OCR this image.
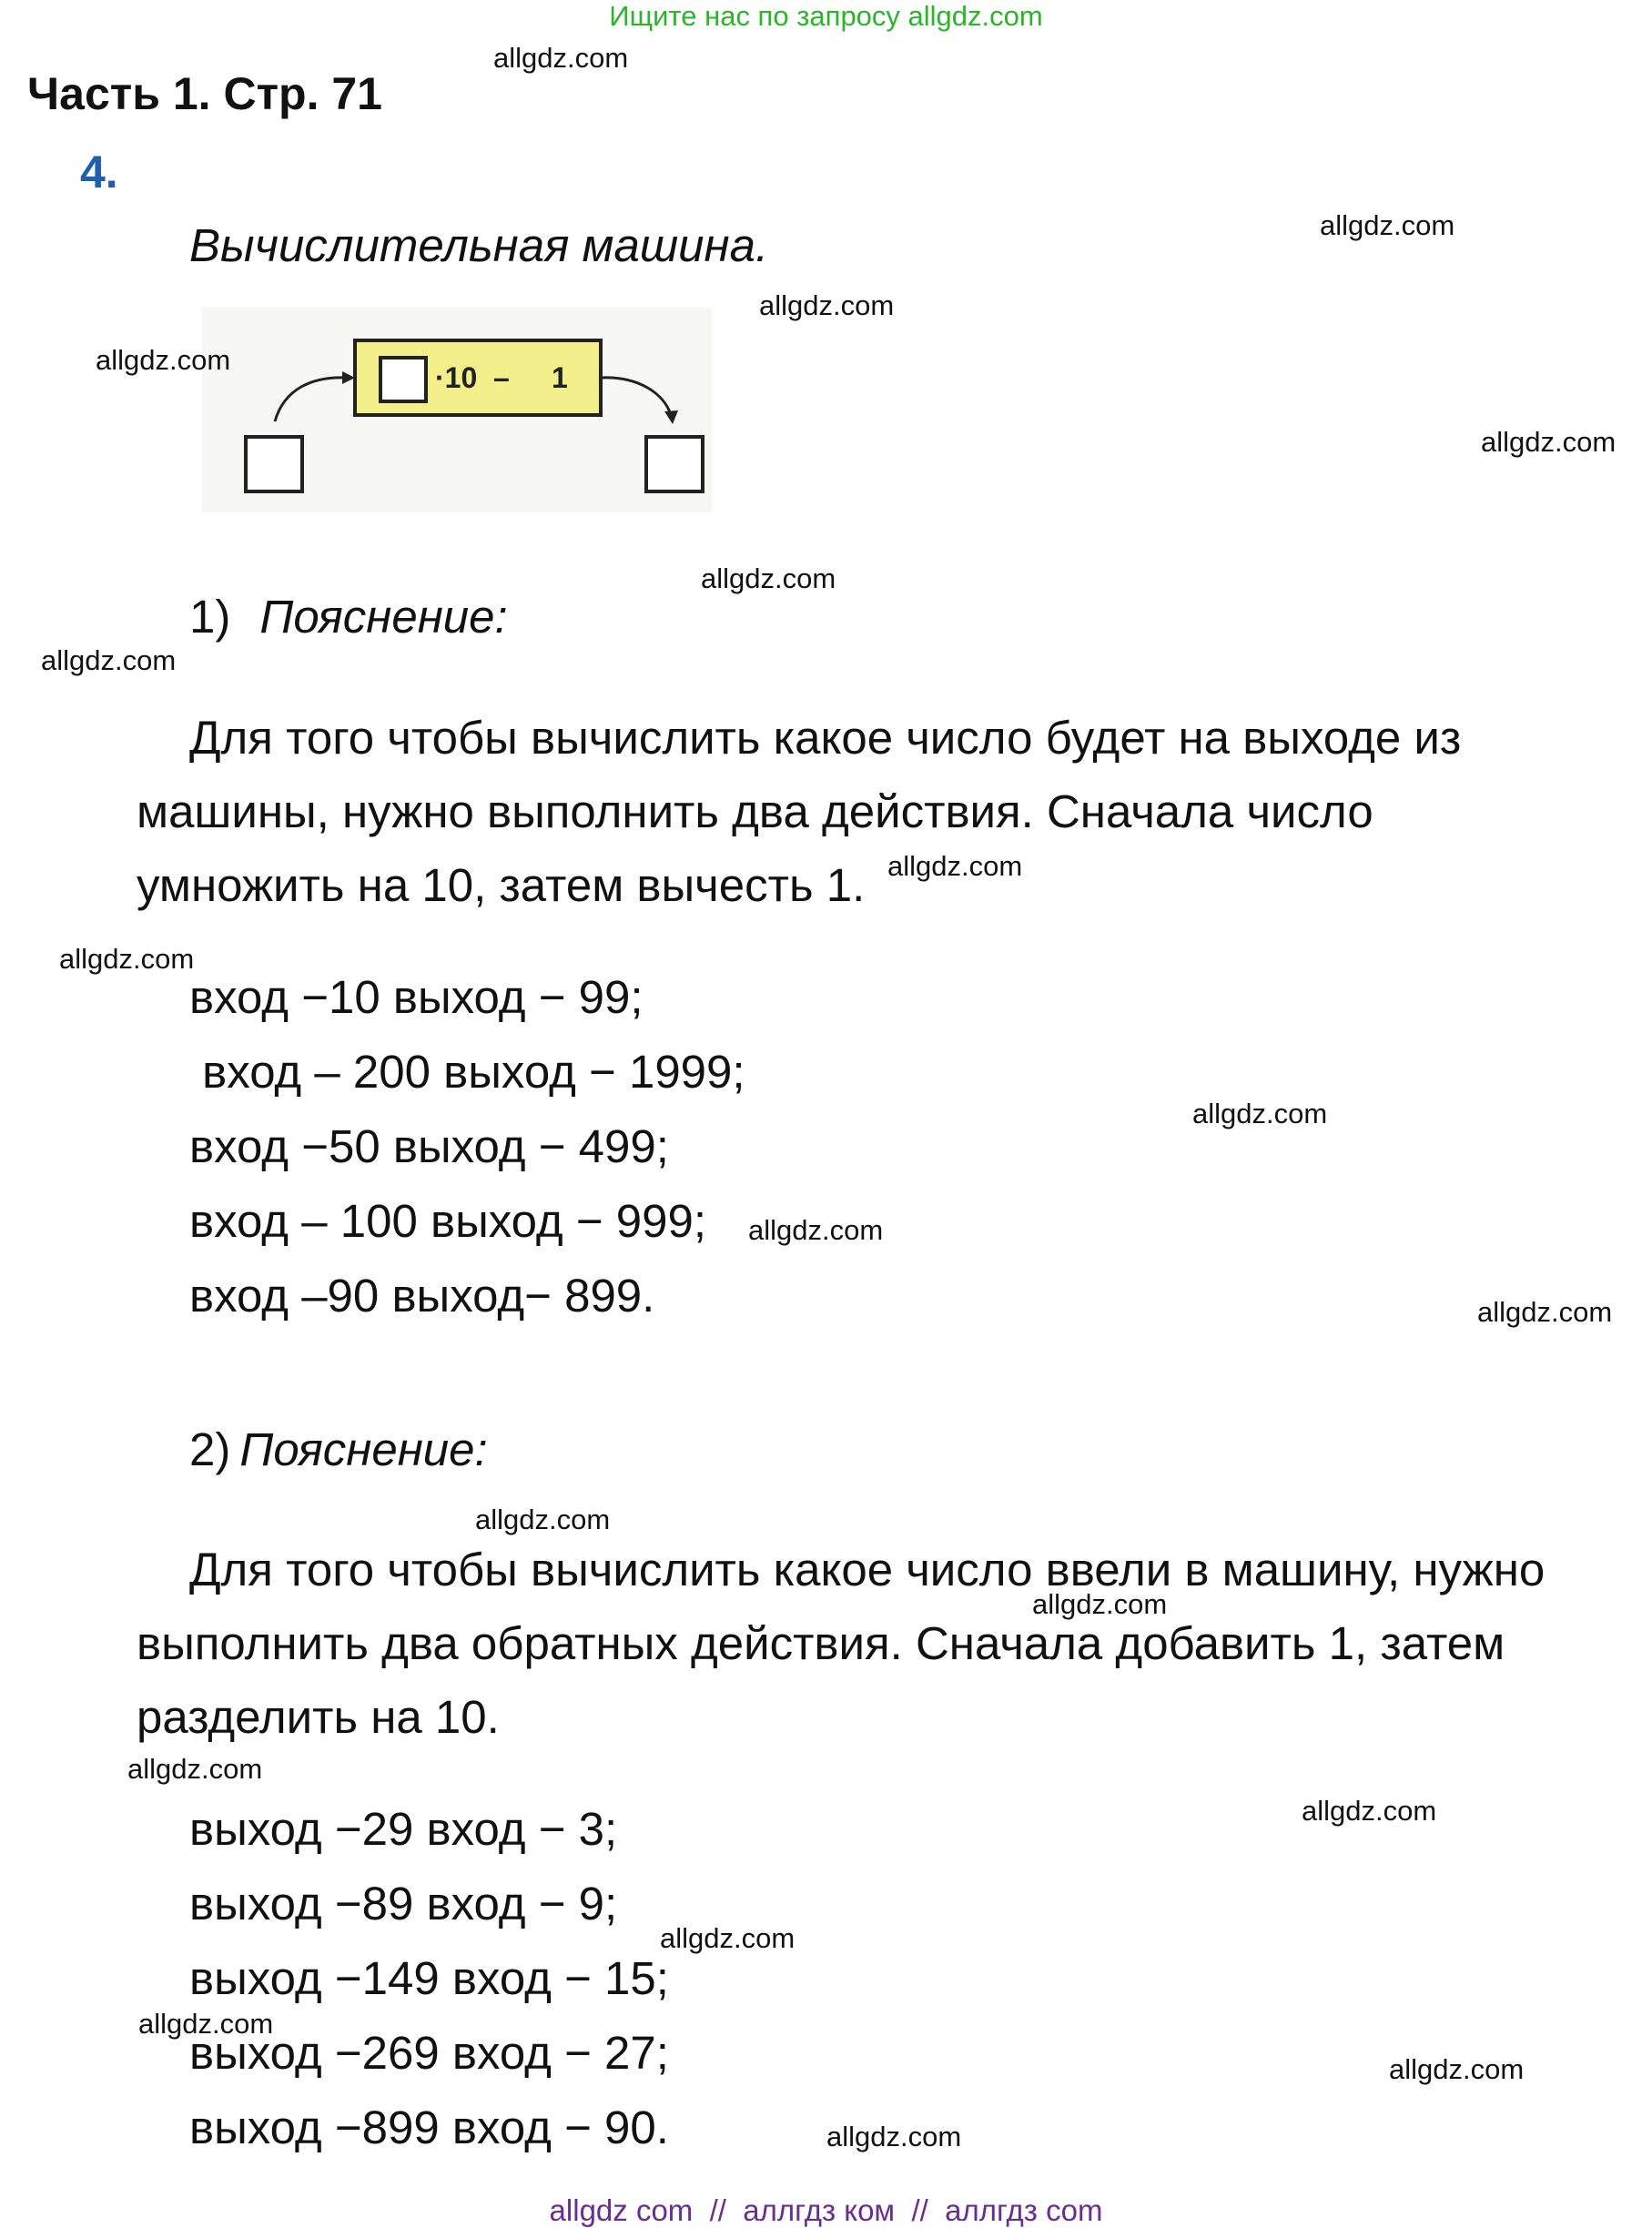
Ищите нас по запросу allgdz.com
Часть 1. Стр. 71
4.
Вычислительная машина.
·10 – 1
1) Пояснение:
Для того чтобы вычислить какое число будет на выходе из
машины, нужно выполнить два действия. Сначала число
умножить на 10, затем вычесть 1.
вход −10 выход − 99;
вход – 200 выход − 1999;
вход −50 выход − 499;
вход – 100 выход − 999;
вход –90 выход− 899.
2) Пояснение:
Для того чтобы вычислить какое число ввели в машину, нужно
выполнить два обратных действия. Сначала добавить 1, затем
разделить на 10.
выход −29 вход − 3;
выход −89 вход − 9;
выход −149 вход − 15;
выход −269 вход − 27;
выход −899 вход − 90.
allgdz.com
allgdz.com
allgdz.com
allgdz.com
allgdz.com
allgdz.com
allgdz.com
allgdz.com
allgdz.com
allgdz.com
allgdz.com
allgdz.com
allgdz.com
allgdz.com
allgdz.com
allgdz.com
allgdz.com
allgdz.com
allgdz.com
allgdz.com
allgdz com  //  аллгдз ком  //  аллгдз com
